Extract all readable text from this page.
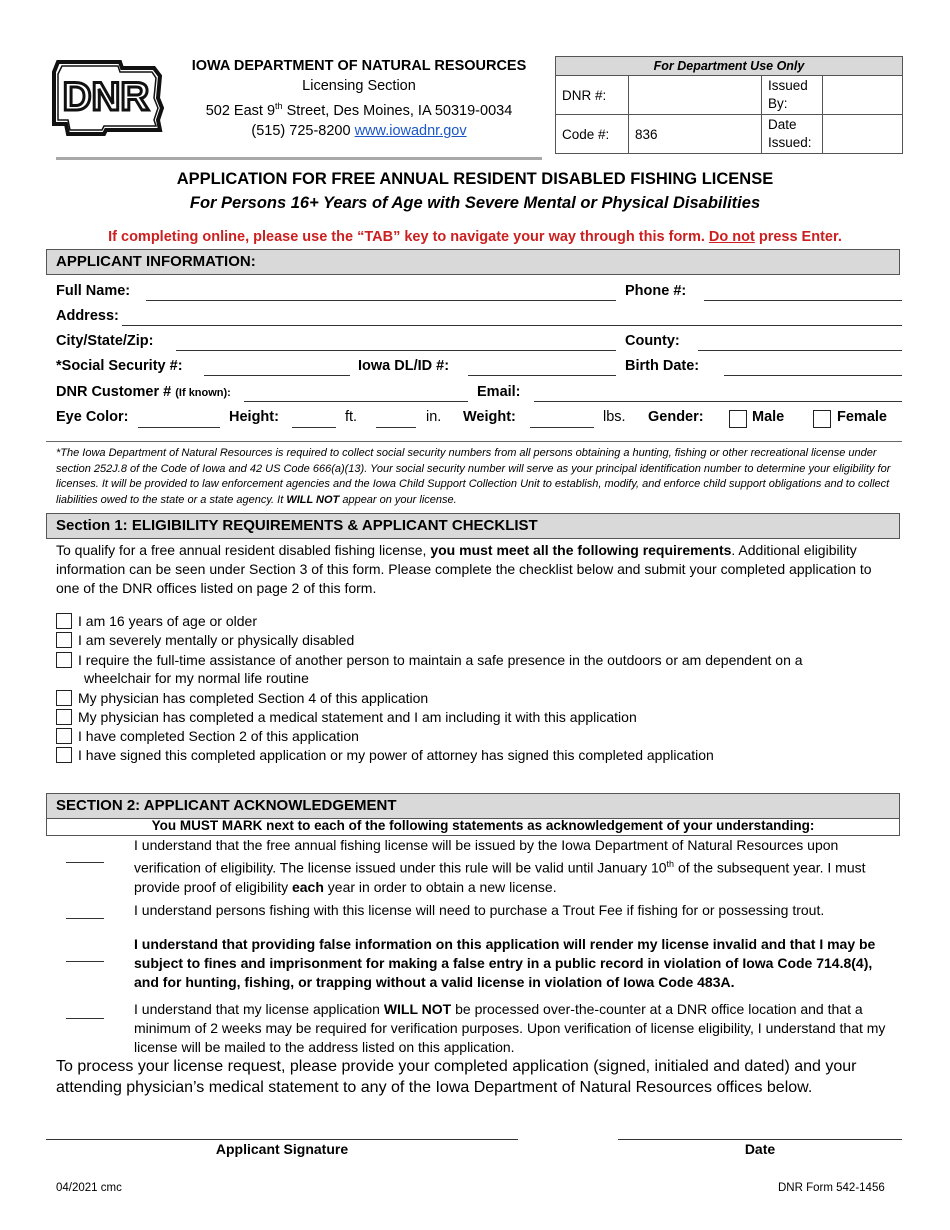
DNR
IOWA DEPARTMENT OF NATURAL RESOURCES
Licensing Section
502 East 9th Street, Des Moines, IA 50319-0034
(515) 725-8200 www.iowadnr.gov
For Department Use Only			
DNR #:		Issued By:	
Code #:	836	Date Issued:	
APPLICATION FOR FREE ANNUAL RESIDENT DISABLED FISHING LICENSE
For Persons 16+ Years of Age with Severe Mental or Physical Disabilities
If completing online, please use the “TAB” key to navigate your way through this form. Do not press Enter.
APPLICANT INFORMATION:
Full Name:	Phone #:
Address:
City/State/Zip:	County:
*Social Security #:	Iowa DL/ID #:	Birth Date:
DNR Customer # (If known):	Email:
Eye Color:	Height:	ft.	in. Weight:	lbs. Gender:	Male	Female
*The Iowa Department of Natural Resources is required to collect social security numbers from all persons obtaining a hunting, fishing or other recreational license under section 252J.8 of the Code of Iowa and 42 US Code 666(a)(13). Your social security number will serve as your principal identification number to determine your eligibility for licenses. It will be provided to law enforcement agencies and the Iowa Child Support Collection Unit to establish, modify, and enforce child support obligations and to collect liabilities owed to the state or a state agency. It WILL NOT appear on your license.
Section 1: ELIGIBILITY REQUIREMENTS & APPLICANT CHECKLIST
To qualify for a free annual resident disabled fishing license, you must meet all the following requirements. Additional eligibility information can be seen under Section 3 of this form. Please complete the checklist below and submit your completed application to one of the DNR offices listed on page 2 of this form.
I am 16 years of age or older
I am severely mentally or physically disabled
I require the full-time assistance of another person to maintain a safe presence in the outdoors or am dependent on a
wheelchair for my normal life routine
My physician has completed Section 4 of this application
My physician has completed a medical statement and I am including it with this application
I have completed Section 2 of this application
I have signed this completed application or my power of attorney has signed this completed application
SECTION 2: APPLICANT ACKNOWLEDGEMENT
You MUST MARK next to each of the following statements as acknowledgement of your understanding:
I understand that the free annual fishing license will be issued by the Iowa Department of Natural Resources upon verification of eligibility. The license issued under this rule will be valid until January 10th of the subsequent year. I must provide proof of eligibility each year in order to obtain a new license.
I understand persons fishing with this license will need to purchase a Trout Fee if fishing for or possessing trout.
I understand that providing false information on this application will render my license invalid and that I may be subject to fines and imprisonment for making a false entry in a public record in violation of Iowa Code 714.8(4), and for hunting, fishing, or trapping without a valid license in violation of Iowa Code 483A.
I understand that my license application WILL NOT be processed over-the-counter at a DNR office location and that a minimum of 2 weeks may be required for verification purposes. Upon verification of license eligibility, I understand that my license will be mailed to the address listed on this application.
To process your license request, please provide your completed application (signed, initialed and dated) and your attending physician’s medical statement to any of the Iowa Department of Natural Resources offices below.
Applicant Signature	Date
04/2021 cmc	DNR Form 542-1456
